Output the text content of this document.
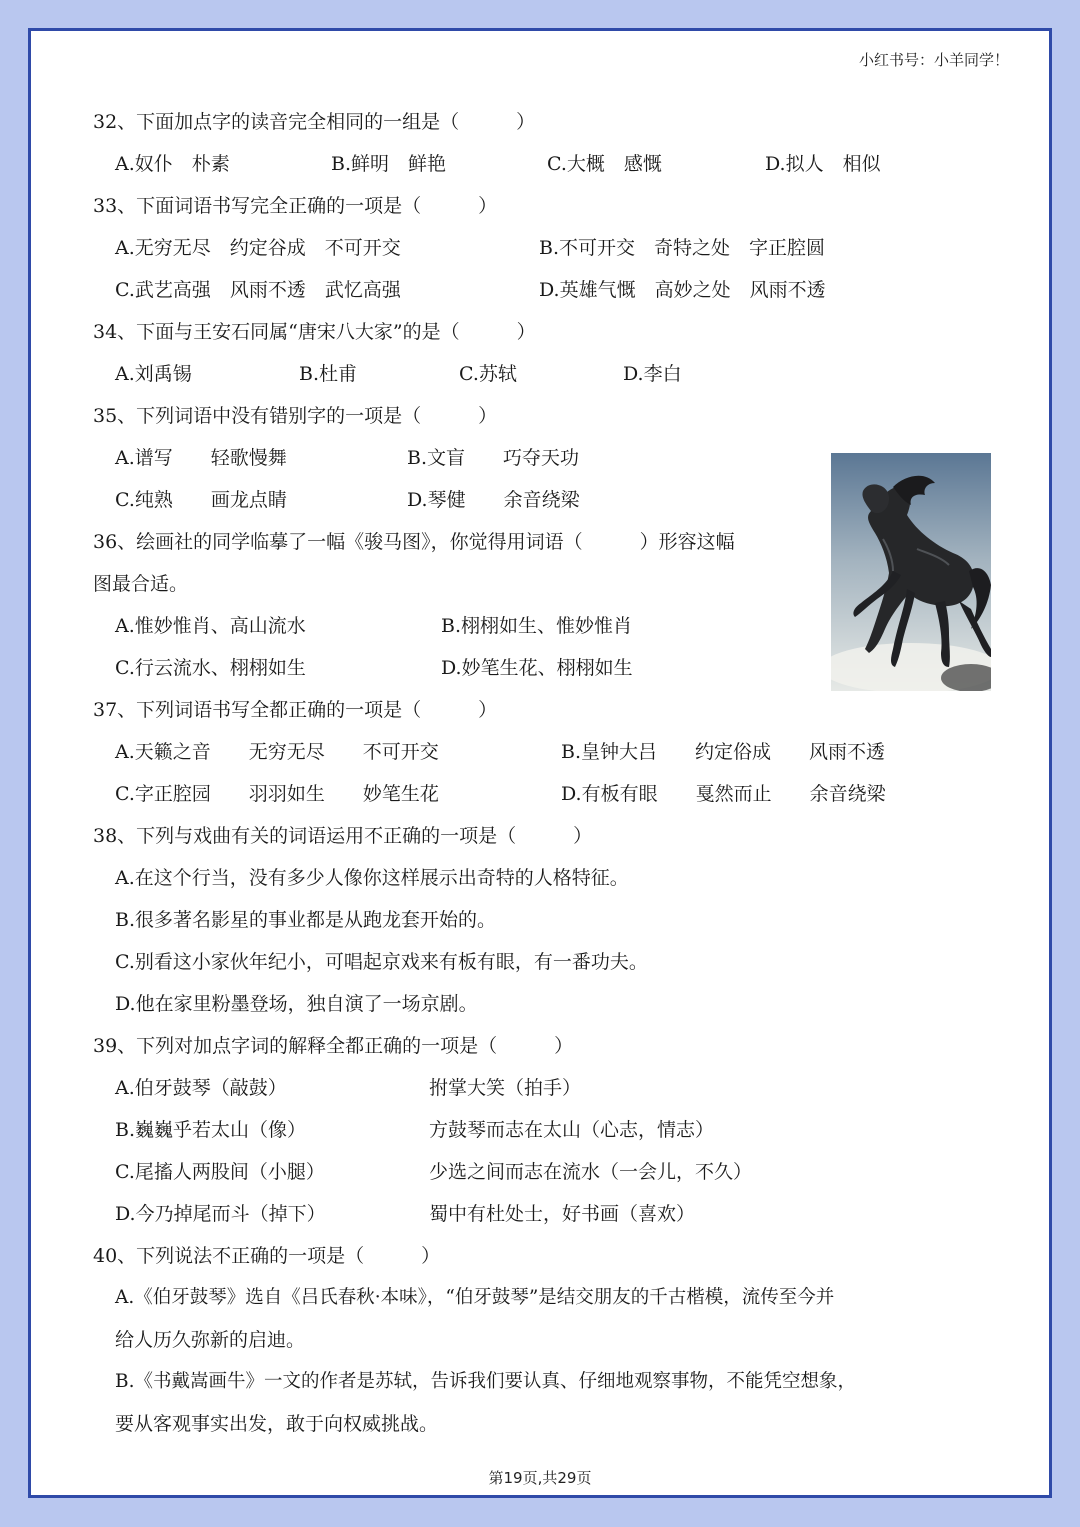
小红书号：小羊同学！
32、下面加点字的读音完全相同的一组是（　　　）
A.奴仆　朴素	B.鲜明　鲜艳	C.大概　感慨	D.拟人　相似
33、下面词语书写完全正确的一项是（　　　）
A.无穷无尽　约定谷成　不可开交	B.不可开交　奇特之处　字正腔圆
C.武艺高强　风雨不透　武忆高强	D.英雄气慨　高妙之处　风雨不透
34、下面与王安石同属“唐宋八大家”的是（　　　）
A.刘禹锡	B.杜甫	C.苏轼	D.李白
35、下列词语中没有错别字的一项是（　　　）
A.谱写　　轻歌慢舞	B.文盲　　巧夺天功
C.纯熟　　画龙点睛	D.琴健　　余音绕梁
36、绘画社的同学临摹了一幅《骏马图》，你觉得用词语（　　　）形容这幅
图最合适。
A.惟妙惟肖、高山流水	B.栩栩如生、惟妙惟肖
C.行云流水、栩栩如生	D.妙笔生花、栩栩如生
37、下列词语书写全都正确的一项是（　　　）
A.天籁之音　　无穷无尽　　不可开交	B.皇钟大吕　　约定俗成　　风雨不透
C.字正腔园　　羽羽如生　　妙笔生花	D.有板有眼　　戛然而止　　余音绕梁
38、下列与戏曲有关的词语运用不正确的一项是（　　　）
A.在这个行当，没有多少人像你这样展示出奇特的人格特征。
B.很多著名影星的事业都是从跑龙套开始的。
C.别看这小家伙年纪小，可唱起京戏来有板有眼，有一番功夫。
D.他在家里粉墨登场，独自演了一场京剧。
39、下列对加点字词的解释全都正确的一项是（　　　）
A.伯牙鼓琴（敲鼓）	拊掌大笑（拍手）
B.巍巍乎若太山（像）	方鼓琴而志在太山（心志，情志）
C.尾搐人两股间（小腿）	少选之间而志在流水（一会儿，不久）
D.今乃掉尾而斗（掉下）	蜀中有杜处士，好书画（喜欢）
40、下列说法不正确的一项是（　　　）
A.《伯牙鼓琴》选自《吕氏春秋·本味》，“伯牙鼓琴”是结交朋友的千古楷模，流传至今并
给人历久弥新的启迪。
B.《书戴嵩画牛》一文的作者是苏轼，告诉我们要认真、仔细地观察事物，不能凭空想象，
要从客观事实出发，敢于向权威挑战。
第19页,共29页
